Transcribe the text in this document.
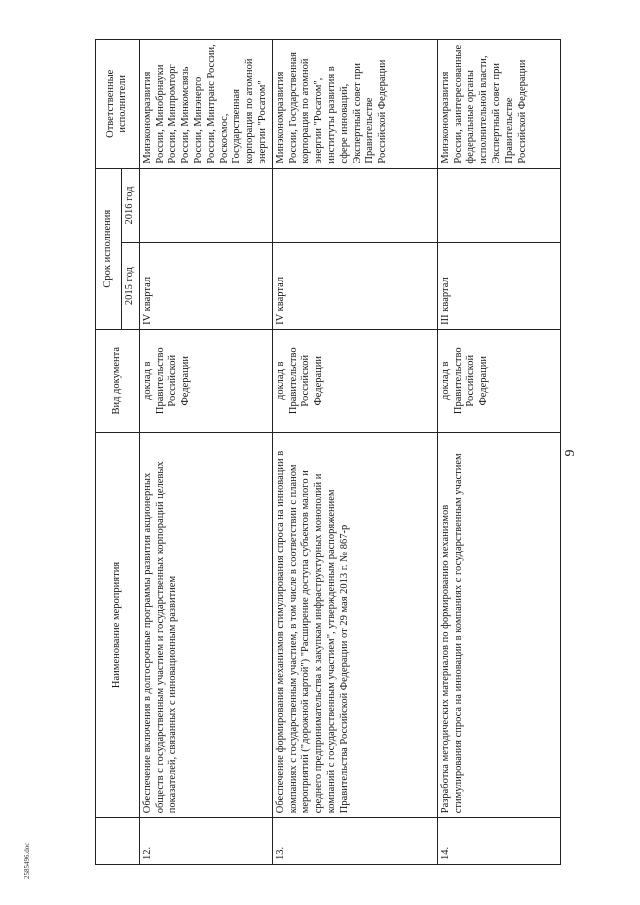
9
2585496.doc
	Наименование мероприятия	Вид документа	Срок исполнения		Ответственные исполнители
			2015 год	2016 год	
12.	Обеспечение включения в долгосрочные программы развития акционерных обществ с государственным участием и государственных корпораций целевых показателей, связанных с инновационным развитием	доклад в Правительство Российской Федерации	IV квартал		Минэкономразвития России, Минобрнауки России, Минпромторг России, Минкомсвязь России, Минэнерго России, Минтранс России, Роскосмос, Государственная корпорация по атомной энергии "Росатом"
13.	Обеспечение формирования механизмов стимулирования спроса на инновации в компаниях с государственным участием, в том числе в соответствии с планом мероприятий ("дорожной картой") "Расширение доступа субъектов малого и среднего предпринимательства к закупкам инфраструктурных монополий и компаний с государственным участием", утвержденным распоряжением Правительства Российской Федерации от 29 мая 2013 г. № 867-р	доклад в Правительство Российской Федерации	IV квартал		Минэкономразвития России, Государственная корпорация по атомной энергии "Росатом", институты развития в сфере инноваций, Экспертный совет при Правительстве Российской Федерации
14.	Разработка методических материалов по формированию механизмов стимулирования спроса на инновации в компаниях с государственным участием	доклад в Правительство Российской Федерации	III квартал		Минэкономразвития России, заинтересованные федеральные органы исполнительной власти, Экспертный совет при Правительстве Российской Федерации
